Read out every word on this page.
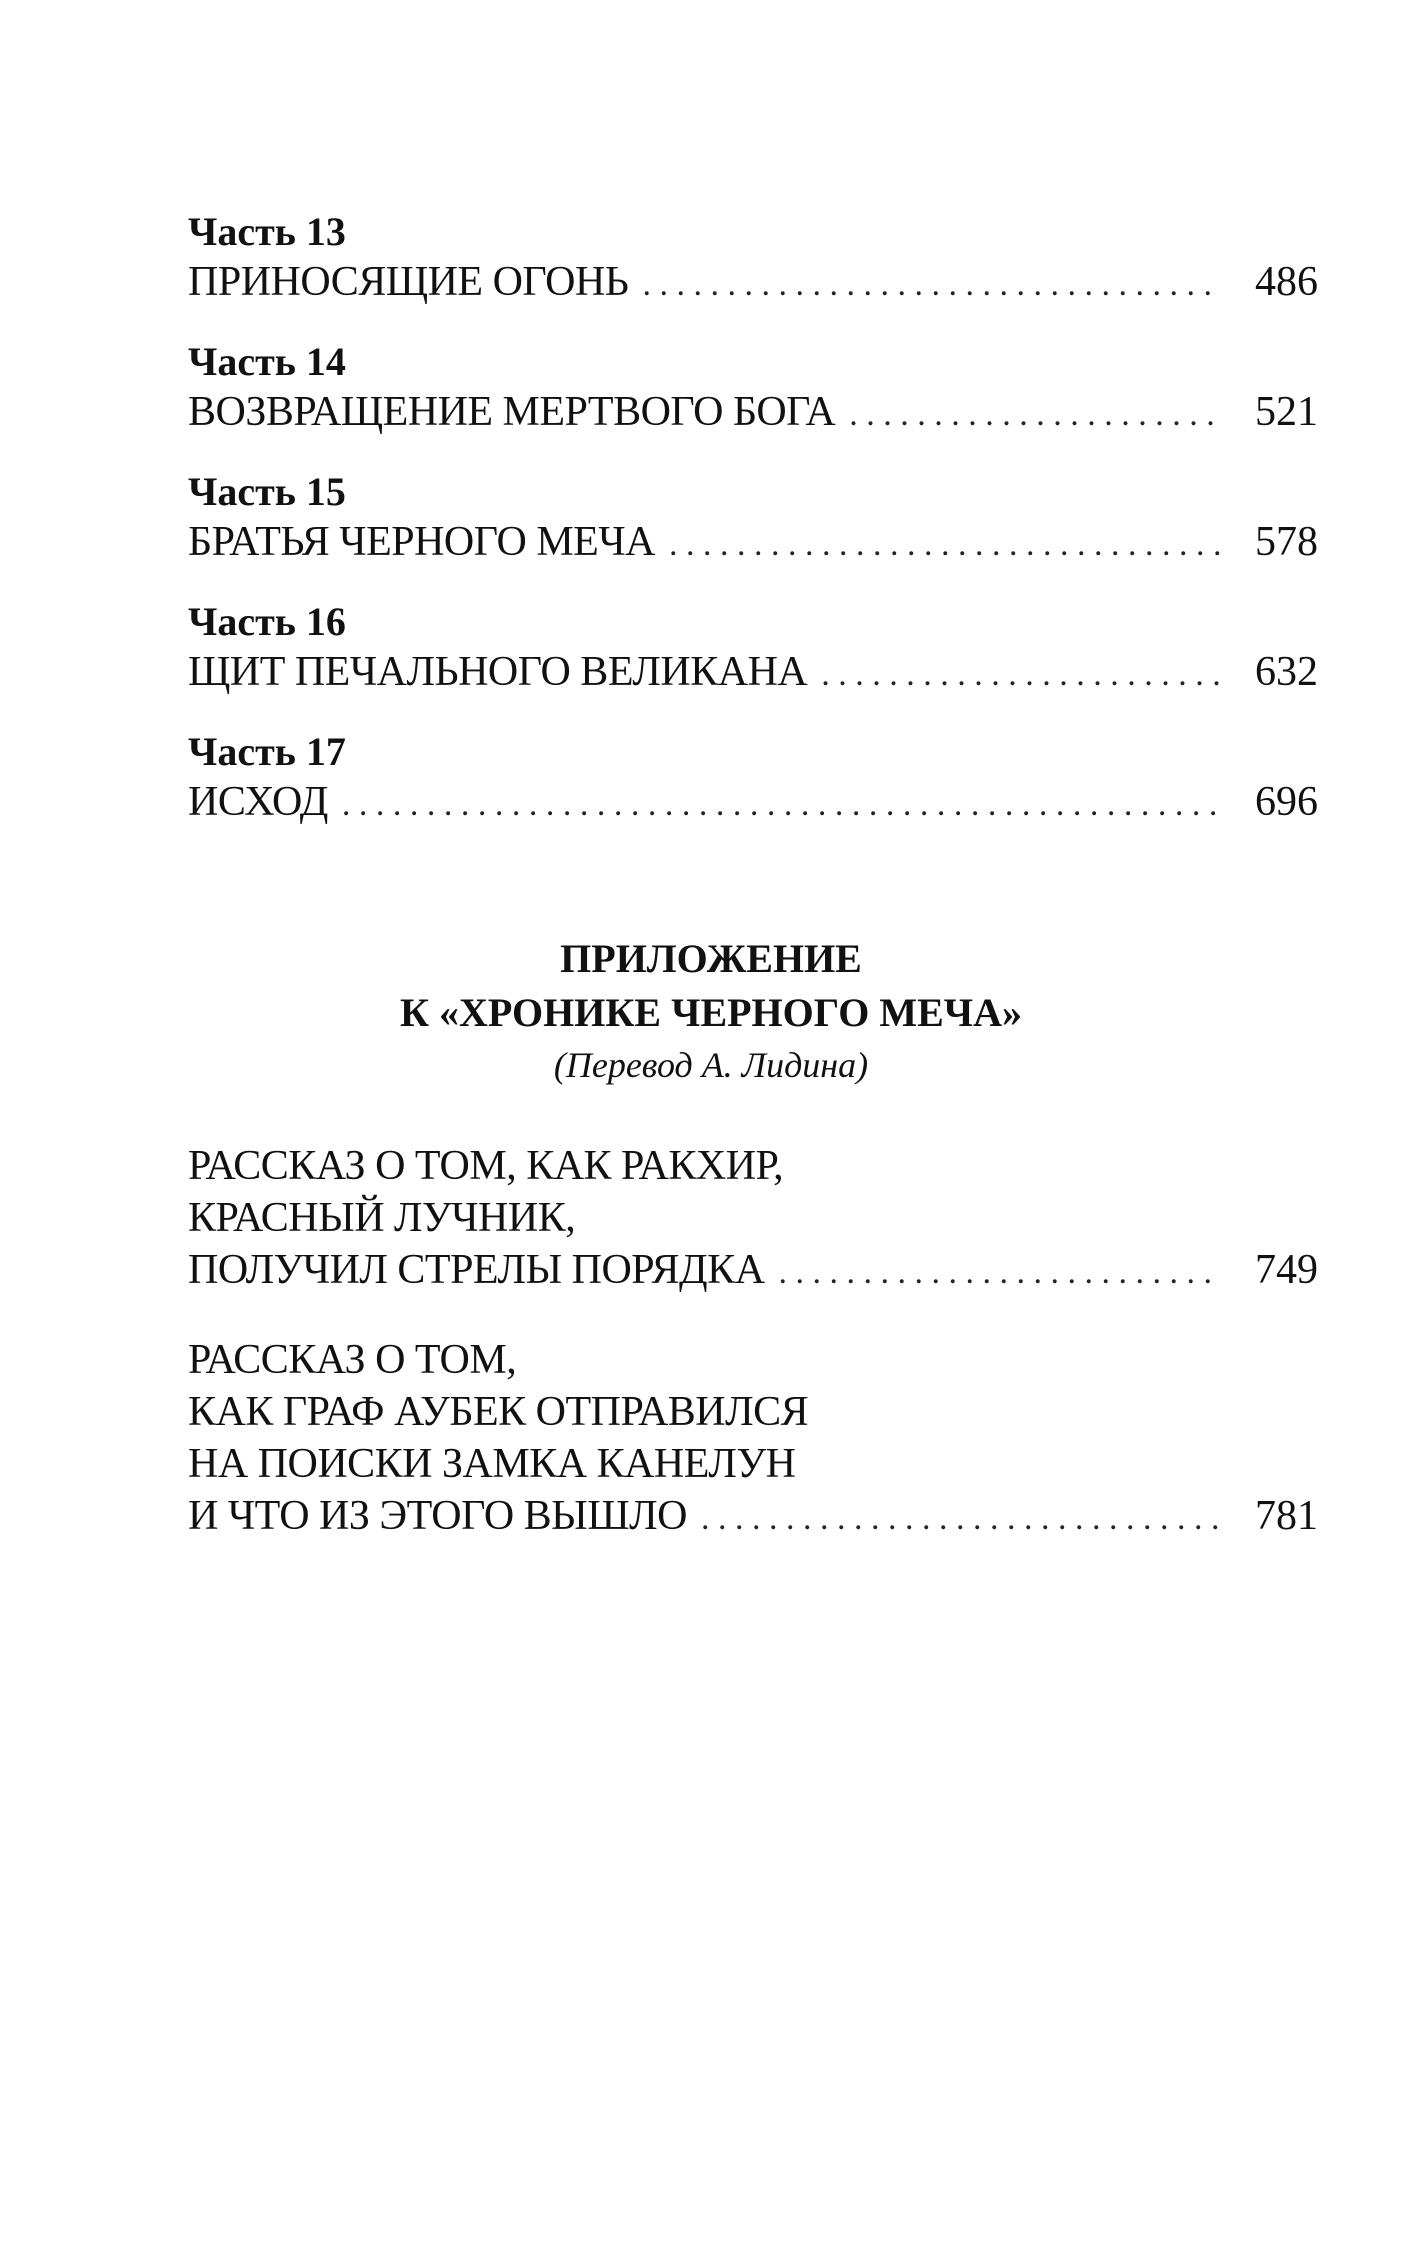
Часть 13
ПРИНОСЯЩИЕ ОГОНЬ . . .	486
Часть 14
ВОЗВРАЩЕНИЕ МЕРТВОГО БОГА . . .	521
Часть 15
БРАТЬЯ ЧЕРНОГО МЕЧА . . .	578
Часть 16
ЩИТ ПЕЧАЛЬНОГО ВЕЛИКАНА . . .	632
Часть 17
ИСХОД . . .	696
ПРИЛОЖЕНИЕ
К «ХРОНИКЕ ЧЕРНОГО МЕЧА»
(Перевод А. Лидина)
РАССКАЗ О ТОМ, КАК РАКХИР,
КРАСНЫЙ ЛУЧНИК,
ПОЛУЧИЛ СТРЕЛЫ ПОРЯДКА . . .	749
РАССКАЗ О ТОМ,
КАК ГРАФ АУБЕК ОТПРАВИЛСЯ
НА ПОИСКИ ЗАМКА КАНЕЛУН
И ЧТО ИЗ ЭТОГО ВЫШЛО . . .	781
